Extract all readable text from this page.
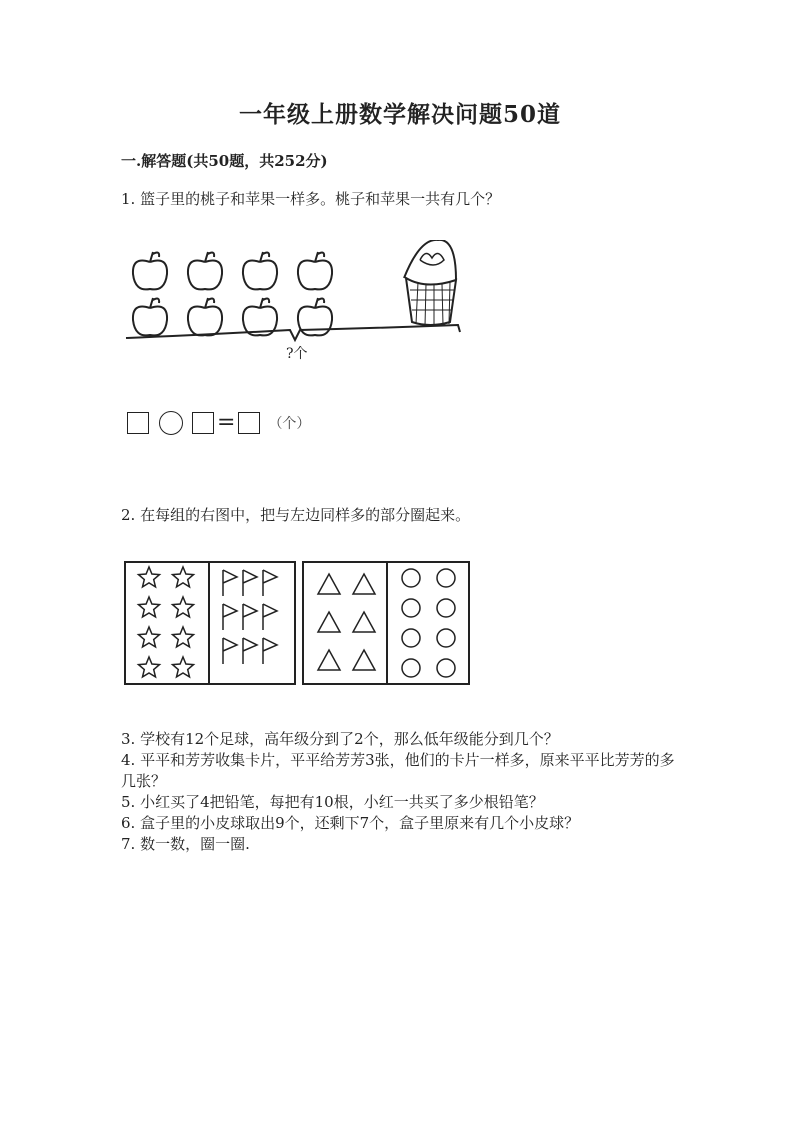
一年级上册数学解决问题50道
一.解答题(共50题，共252分)
1. 篮子里的桃子和苹果一样多。桃子和苹果一共有几个？
?个
= （个）
2. 在每组的右图中，把与左边同样多的部分圈起来。
3. 学校有12个足球，高年级分到了2个，那么低年级能分到几个？
4. 平平和芳芳收集卡片，平平给芳芳3张，他们的卡片一样多，原来平平比芳芳的多几张？
5. 小红买了4把铅笔，每把有10根，小红一共买了多少根铅笔？
6. 盒子里的小皮球取出9个，还剩下7个，盒子里原来有几个小皮球？
7. 数一数，圈一圈.
